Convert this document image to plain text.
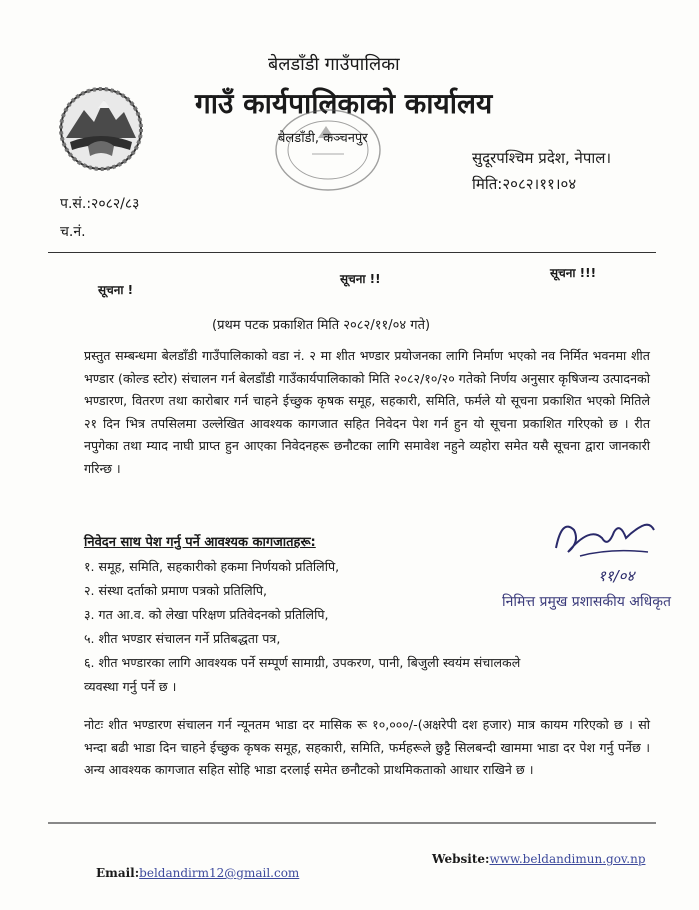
बेलडाँडी गाउँपालिका
गाउँ कार्यपालिकाको कार्यालय
बेलडाँडी, कञ्चनपुर
सुदूरपश्चिम प्रदेश, नेपाल।
मिति:२०८२।११।०४
प.सं.:२०८२/८३
च.नं.
सूचना !
सूचना !!	सूचना !!!
(प्रथम पटक प्रकाशित मिति २०८२/११/०४ गते)
प्रस्तुत सम्बन्धमा बेलडाँडी गाउँपालिकाको वडा नं. २ मा शीत भण्डार प्रयोजनका लागि निर्माण भएको नव निर्मित भवनमा शीत भण्डार (कोल्ड स्टोर) संचालन गर्न बेलडाँडी गाउँकार्यपालिकाको मिति २०८२/१०/२० गतेको निर्णय अनुसार कृषिजन्य उत्पादनको भण्डारण, वितरण तथा कारोबार गर्न चाहने ईच्छुक कृषक समूह, सहकारी, समिति, फर्मले यो सूचना प्रकाशित भएको मितिले २१ दिन भित्र तपसिलमा उल्लेखित आवश्यक कागजात सहित निवेदन पेश गर्न हुन यो सूचना प्रकाशित गरिएको छ । रीत नपुगेका तथा म्याद नाघी प्राप्त हुन आएका निवेदनहरू छनौटका लागि समावेश नहुने व्यहोरा समेत यसै सूचना द्वारा जानकारी गरिन्छ ।
निवेदन साथ पेश गर्नु पर्ने आवश्यक कागजातहरू:
१. समूह, समिति, सहकारीको हकमा निर्णयको प्रतिलिपि,
२. संस्था दर्ताको प्रमाण पत्रको प्रतिलिपि,
३. गत आ.व. को लेखा परिक्षण प्रतिवेदनको प्रतिलिपि,
५. शीत भण्डार संचालन गर्ने प्रतिबद्धता पत्र,
६. शीत भण्डारका लागि आवश्यक पर्ने सम्पूर्ण सामाग्री, उपकरण, पानी, बिजुली स्वयंम संचालकले
व्यवस्था गर्नु पर्ने छ ।
११/०४
निमित्त प्रमुख प्रशासकीय अधिकृत
नोटः शीत भण्डारण संचालन गर्न न्यूनतम भाडा दर मासिक रू १०,०००/-(अक्षरेपी दश हजार) मात्र कायम गरिएको छ । सो भन्दा बढी भाडा दिन चाहने ईच्छुक कृषक समूह, सहकारी, समिति, फर्महरूले छुट्टै सिलबन्दी खाममा भाडा दर पेश गर्नु पर्नेछ । अन्य आवश्यक कागजात सहित सोहि भाडा दरलाई समेत छनौटको प्राथमिकताको आधार राखिने छ ।
Email:beldandirm12@gmail.com
Website:www.beldandimun.gov.np
